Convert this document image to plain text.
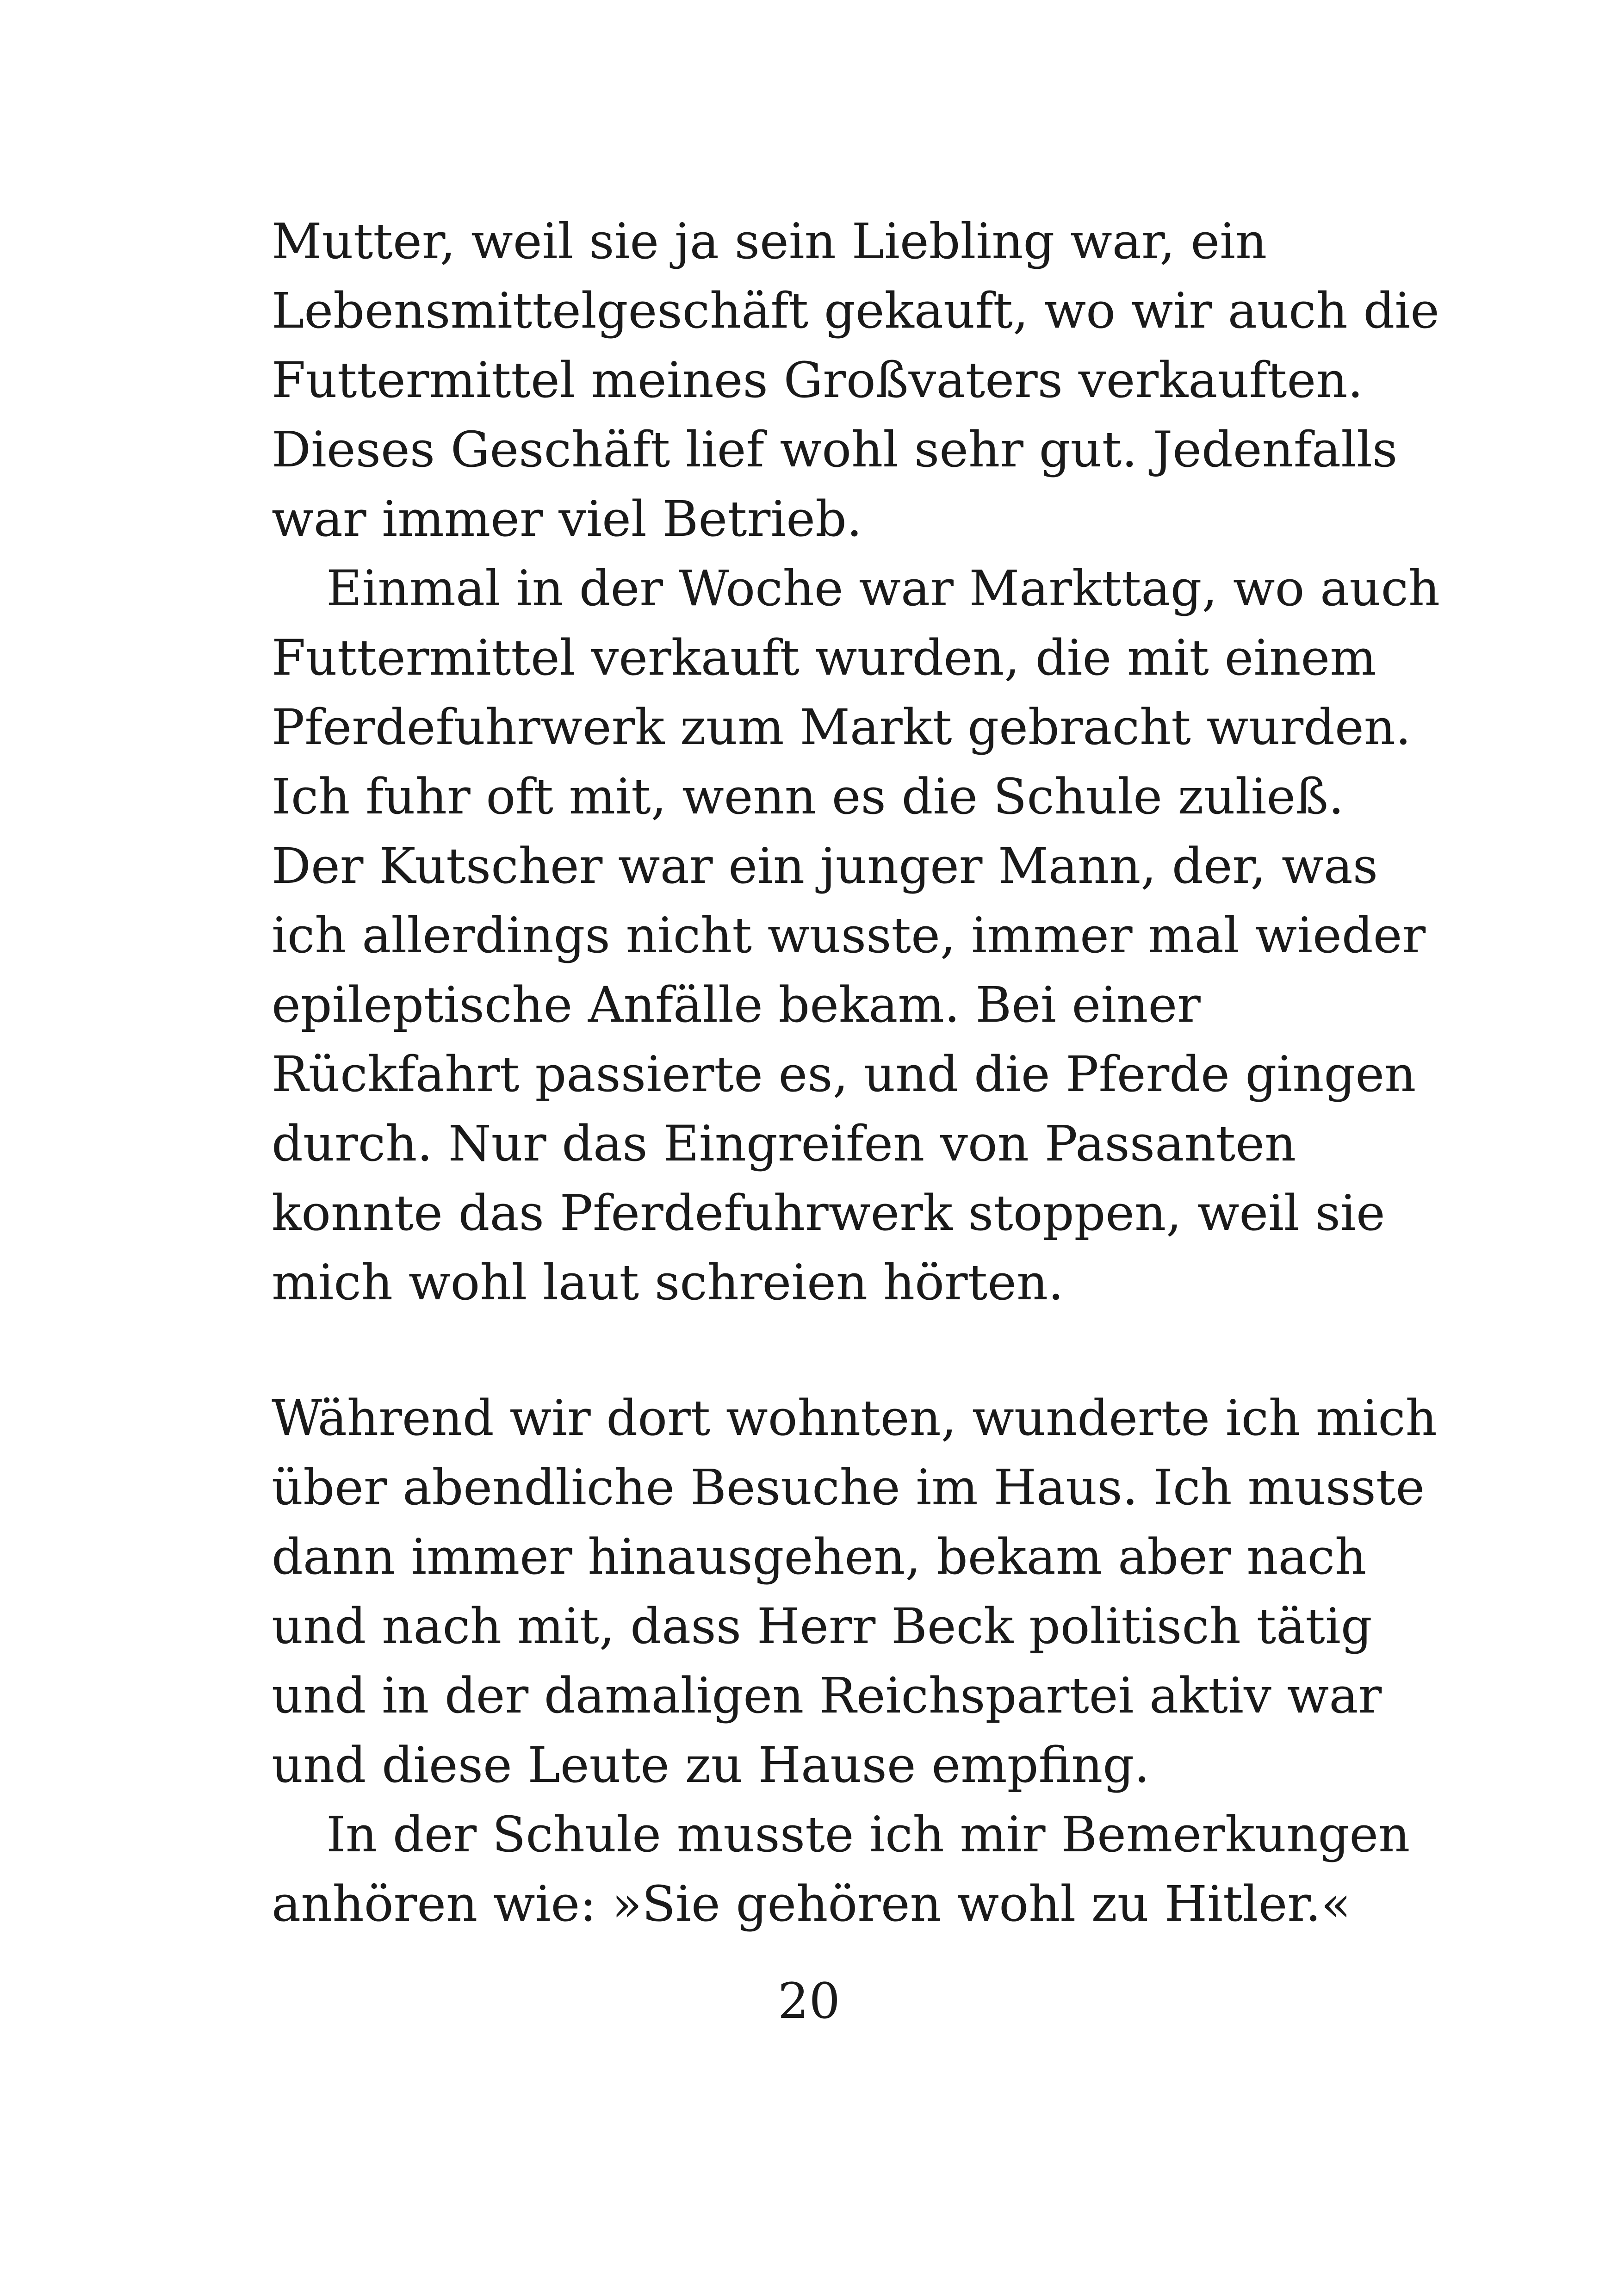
Mutter, weil sie ja sein Liebling war, ein
Lebensmittelgeschäft gekauft, wo wir auch die
Futtermittel meines Großvaters verkauften.
Dieses Geschäft lief wohl sehr gut. Jedenfalls
war immer viel Betrieb.

Einmal in der Woche war Markttag, wo auch
Futtermittel verkauft wurden, die mit einem
Pferdefuhrwerk zum Markt gebracht wurden.
Ich fuhr oft mit, wenn es die Schule zuließ.
Der Kutscher war ein junger Mann, der, was
ich allerdings nicht wusste, immer mal wieder
epileptische Anfälle bekam. Bei einer
Rückfahrt passierte es, und die Pferde gingen
durch. Nur das Eingreifen von Passanten
konnte das Pferdefuhrwerk stoppen, weil sie
mich wohl laut schreien hörten.

Während wir dort wohnten, wunderte ich mich
über abendliche Besuche im Haus. Ich musste
dann immer hinausgehen, bekam aber nach
und nach mit, dass Herr Beck politisch tätig
und in der damaligen Reichspartei aktiv war
und diese Leute zu Hause empfing.

In der Schule musste ich mir Bemerkungen
anhören wie: »Sie gehören wohl zu Hitler.«

20
